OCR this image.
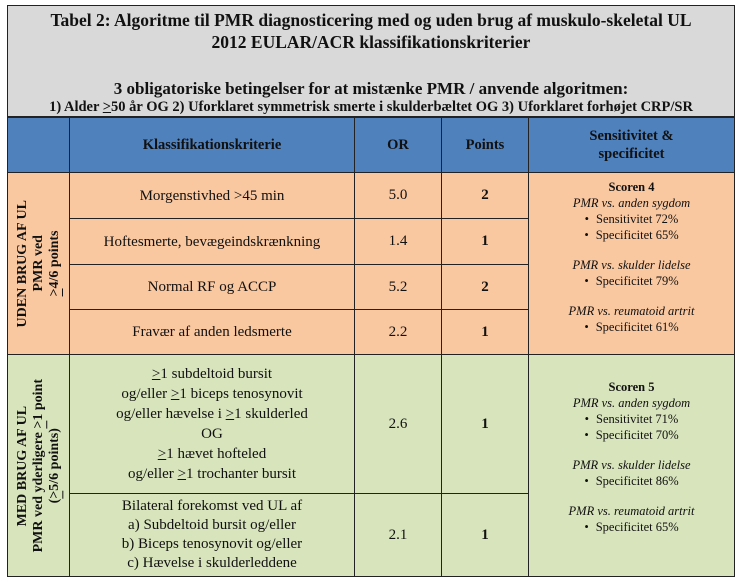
Tabel 2: Algoritme til PMR diagnosticering med og uden brug af muskulo-skeletal UL
2012 EULAR/ACR klassifikationskriterier
3 obligatoriske betingelser for at mistænke PMR / anvende algoritmen:
1) Alder ≥50 år OG 2) Uforklaret symmetrisk smerte i skulderbæltet OG 3) Uforklaret forhøjet CRP/SR
Klassifikationskriterie	OR	Points
Sensitivitet &
specificitet
UDEN BRUG AF UL PMR ved
>4/6 points
Morgenstivhed >45 min	5.0	2
Hoftesmerte, bevægeindskrænkning	1.4	1
Normal RF og ACCP	5.2	2
Fravær af anden ledsmerte	2.2	1
Scoren 4
PMR vs. anden sygdom
• Sensitivitet 72%
• Specificitet 65%
PMR vs. skulder lidelse
• Specificitet 79%
PMR vs. reumatoid artrit
• Specificitet 61%
MED BRUG AF UL PMR ved yderligere >1 point
(>5/6 points)
≥1 subdeltoid bursit
og/eller ≥1 biceps tenosynovit
og/eller hævelse i ≥1 skulderled
OG
≥1 hævet hofteled
og/eller ≥1 trochanter bursit
2.6	1
Bilateral forekomst ved UL af
a) Subdeltoid bursit og/eller
b) Biceps tenosynovit og/eller
c) Hævelse i skulderleddene
2.1	1
Scoren 5
PMR vs. anden sygdom
• Sensitivitet 71%
• Specificitet 70%
PMR vs. skulder lidelse
• Specificitet 86%
PMR vs. reumatoid artrit
• Specificitet 65%
